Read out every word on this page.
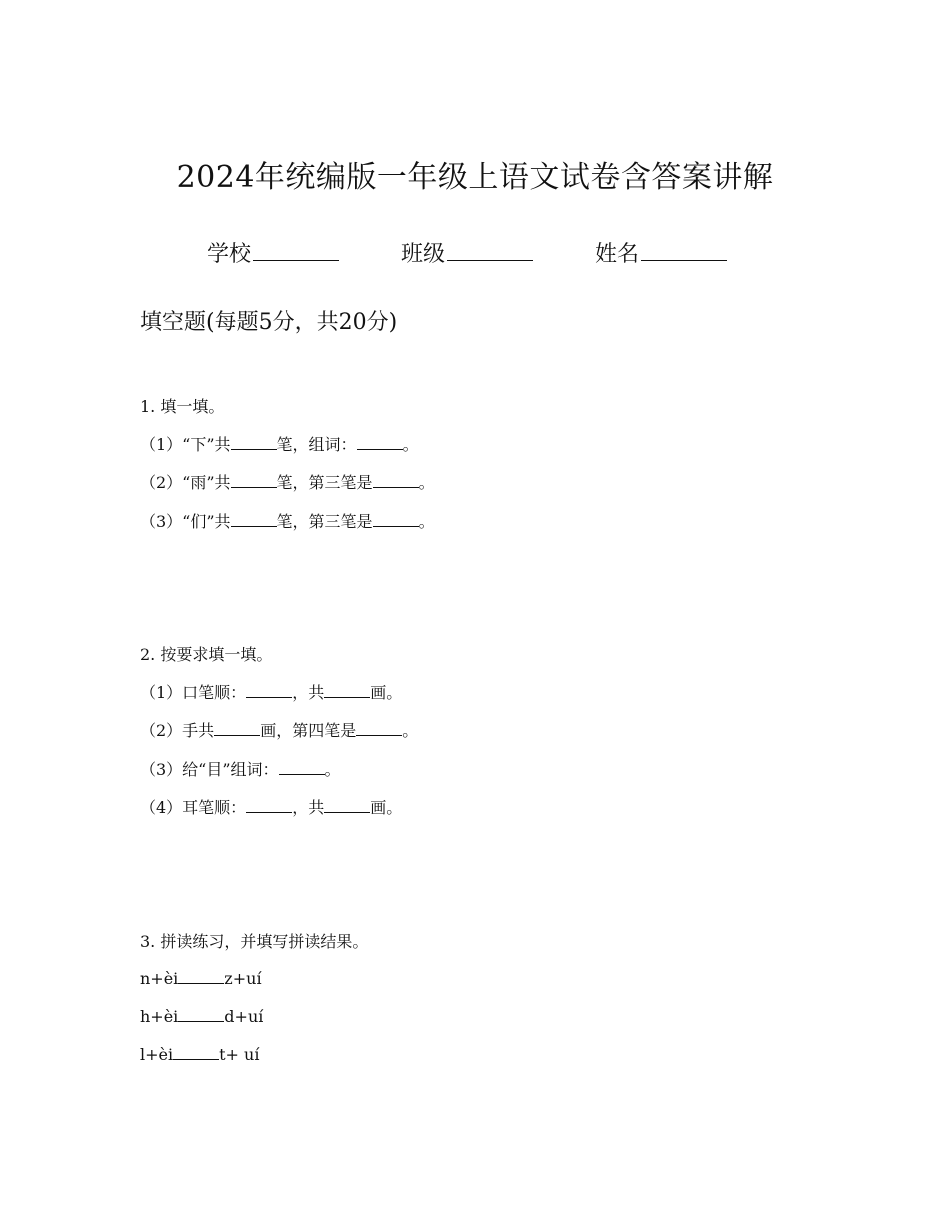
2024年统编版一年级上语文试卷含答案讲解
学校	班级	姓名
填空题(每题5分，共20分)
1. 填一填。
（1）“下”共	笔，组词：	。
（2）“雨”共	笔，第三笔是	。
（3）“们”共	笔，第三笔是	。
2. 按要求填一填。
（1）口笔顺：	，共	画。
（2）手共	画，第四笔是	。
（3）给“目”组词：	。
（4）耳笔顺：	，共	画。
3. 拼读练习，并填写拼读结果。
n+èi	z+uí
h+èi	d+uí
l+èi	t+ uí
